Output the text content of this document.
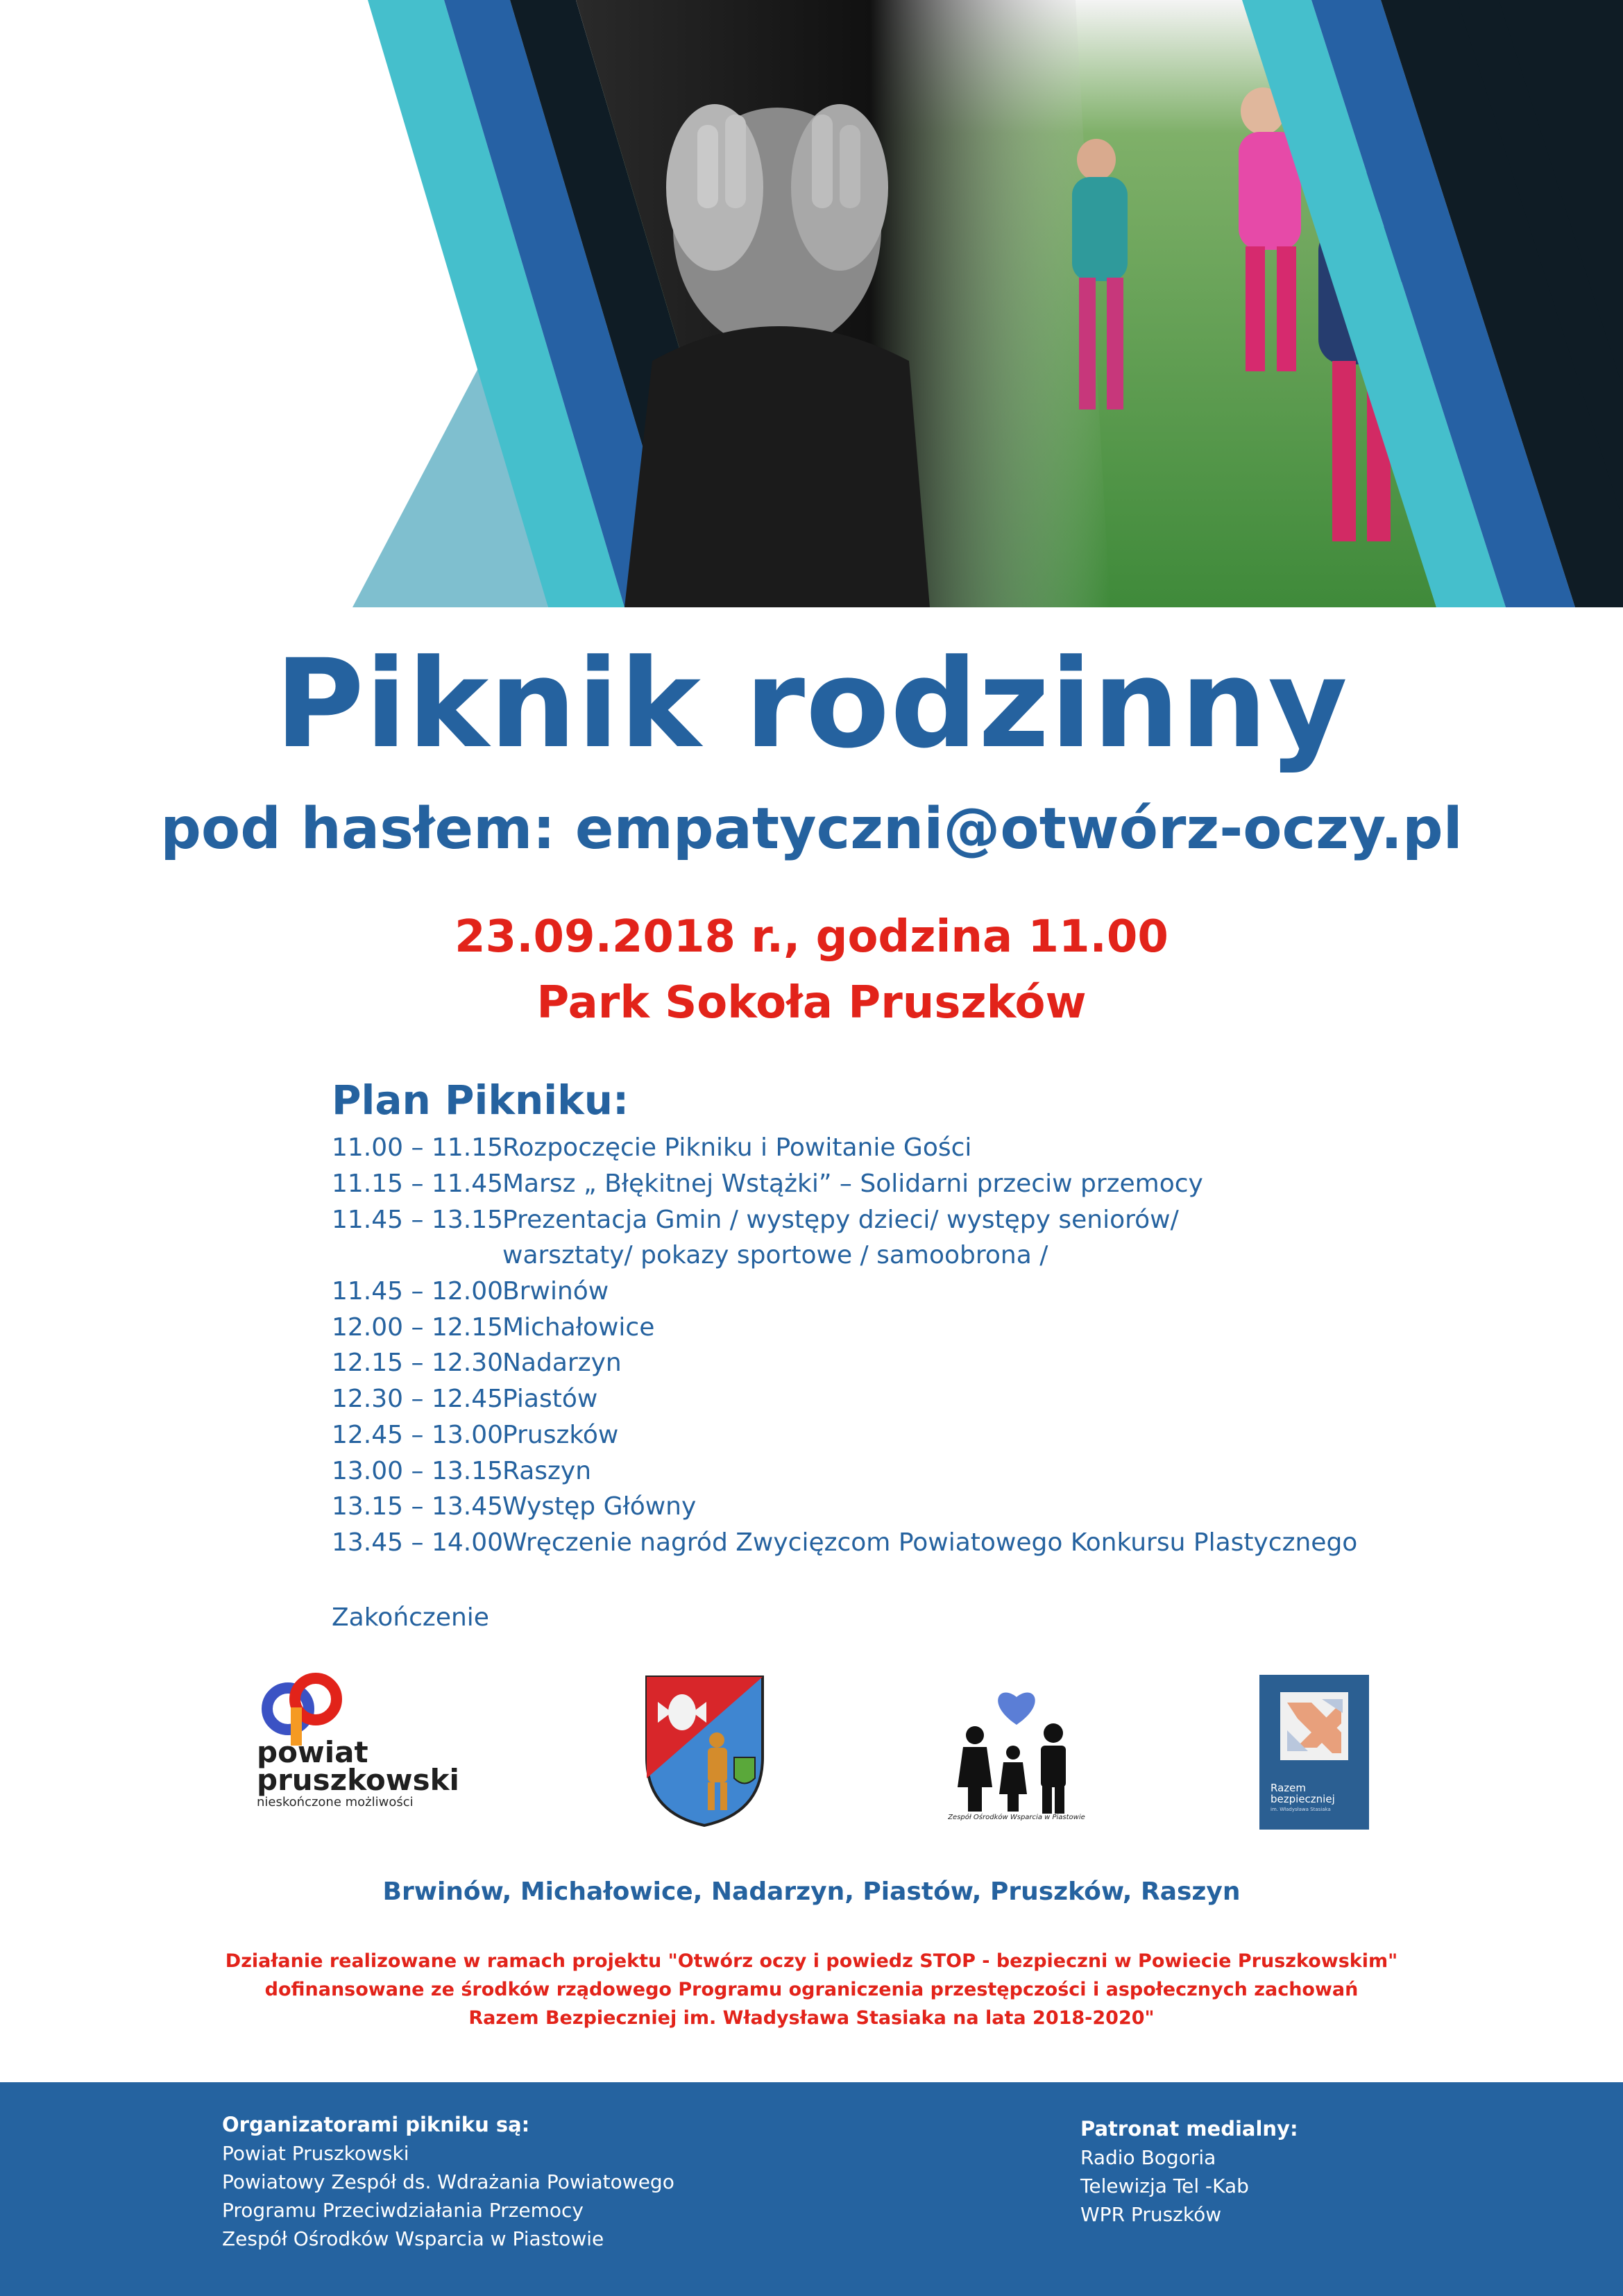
Piknik rodzinny
pod hasłem: empatyczni@otwórz-oczy.pl
23.09.2018 r., godzina 11.00
Park Sokoła Pruszków
Plan Pikniku:
11.00 – 11.15
Rozpoczęcie Pikniku i Powitanie Gości
11.15 – 11.45
Marsz „ Błękitnej Wstążki” – Solidarni przeciw przemocy
11.45 – 13.15
Prezentacja Gmin / występy dzieci/ występy seniorów/
warsztaty/ pokazy sportowe / samoobrona /
11.45 – 12.00
Brwinów
12.00 – 12.15
Michałowice
12.15 – 12.30
Nadarzyn
12.30 – 12.45
Piastów
12.45 – 13.00
Pruszków
13.00 – 13.15
Raszyn
13.15 – 13.45
Występ Główny
13.45 – 14.00
Wręczenie nagród Zwycięzcom Powiatowego Konkursu Plastycznego
Zakończenie
powiat
pruszkowski
nieskończone możliwości
Zespół Ośrodków Wsparcia w Piastowie
Razem
bezpieczniej
im. Władysława Stasiaka
Brwinów, Michałowice, Nadarzyn, Piastów, Pruszków, Raszyn
Działanie realizowane w ramach projektu "Otwórz oczy i powiedz STOP - bezpieczni w Powiecie Pruszkowskim"
dofinansowane ze środków rządowego Programu ograniczenia przestępczości i aspołecznych zachowań
Razem Bezpieczniej im. Władysława Stasiaka na lata 2018-2020"
Organizatorami pikniku są:
Powiat Pruszkowski
Powiatowy Zespół ds. Wdrażania Powiatowego
Programu Przeciwdziałania Przemocy
Zespół Ośrodków Wsparcia w Piastowie
Patronat medialny:
Radio Bogoria
Telewizja Tel -Kab
WPR Pruszków
